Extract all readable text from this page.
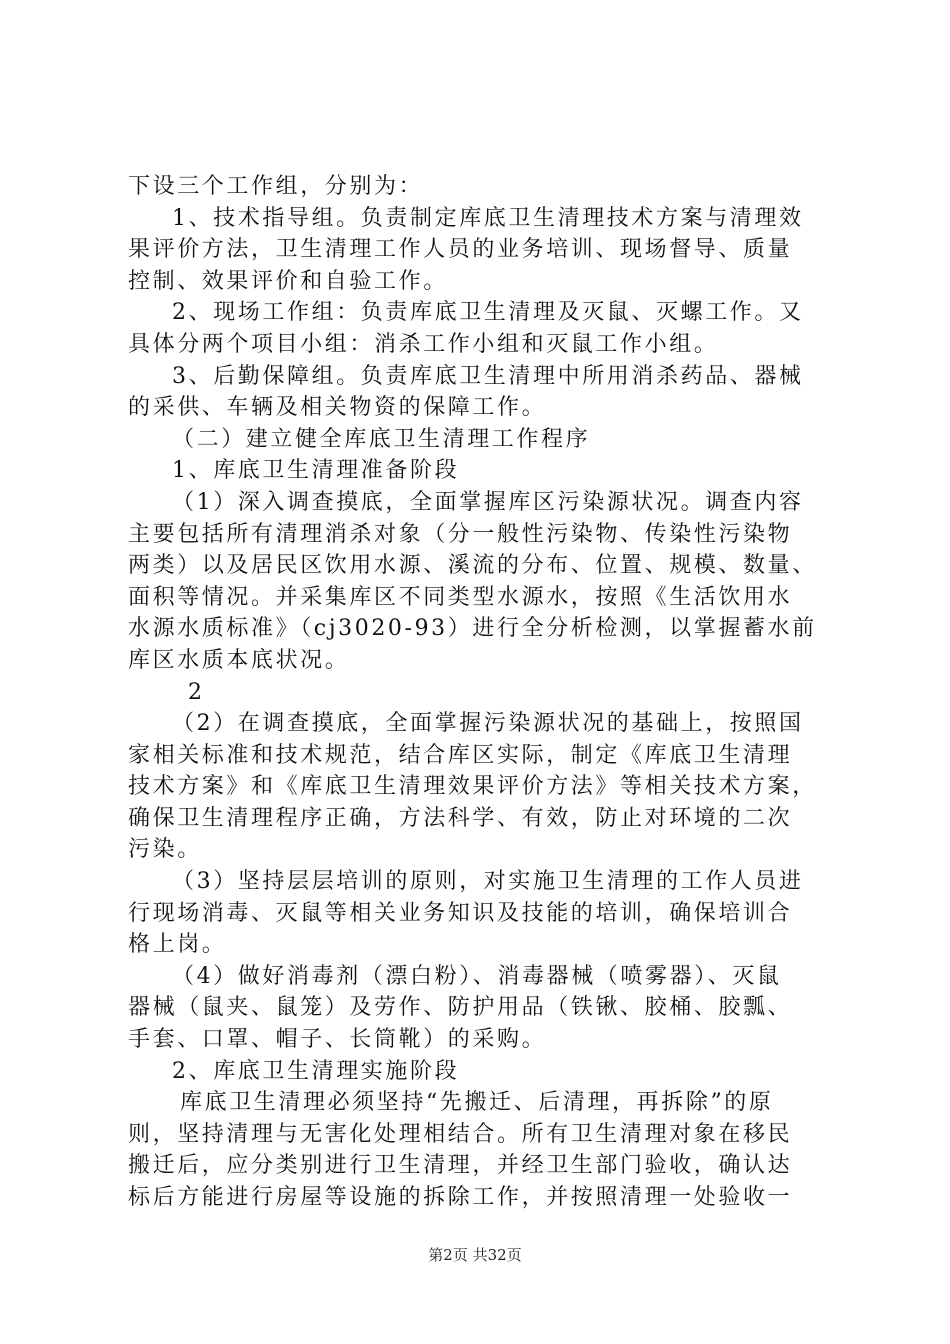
下设三个工作组，分别为：
1、技术指导组。负责制定库底卫生清理技术方案与清理效
果评价方法，卫生清理工作人员的业务培训、现场督导、质量
控制、效果评价和自验工作。
2、现场工作组：负责库底卫生清理及灭鼠、灭螺工作。又
具体分两个项目小组：消杀工作小组和灭鼠工作小组。
3、后勤保障组。负责库底卫生清理中所用消杀药品、器械
的采供、车辆及相关物资的保障工作。
（二）建立健全库底卫生清理工作程序
1、库底卫生清理准备阶段
（1）深入调查摸底，全面掌握库区污染源状况。调查内容
主要包括所有清理消杀对象（分一般性污染物、传染性污染物
两类）以及居民区饮用水源、溪流的分布、位置、规模、数量、
面积等情况。并采集库区不同类型水源水，按照《生活饮用水
水源水质标准》（cj3020-93）进行全分析检测，以掌握蓄水前
库区水质本底状况。
2
（2）在调查摸底，全面掌握污染源状况的基础上，按照国
家相关标准和技术规范，结合库区实际，制定《库底卫生清理
技术方案》和《库底卫生清理效果评价方法》等相关技术方案，
确保卫生清理程序正确，方法科学、有效，防止对环境的二次
污染。
（3）坚持层层培训的原则，对实施卫生清理的工作人员进
行现场消毒、灭鼠等相关业务知识及技能的培训，确保培训合
格上岗。
（4）做好消毒剂（漂白粉）、消毒器械（喷雾器）、灭鼠
器械（鼠夹、鼠笼）及劳作、防护用品（铁锹、胶桶、胶瓢、
手套、口罩、帽子、长筒靴）的采购。
2、库底卫生清理实施阶段
库底卫生清理必须坚持“先搬迁、后清理，再拆除”的原
则，坚持清理与无害化处理相结合。所有卫生清理对象在移民
搬迁后，应分类别进行卫生清理，并经卫生部门验收，确认达
标后方能进行房屋等设施的拆除工作，并按照清理一处验收一
第2页 共32页
